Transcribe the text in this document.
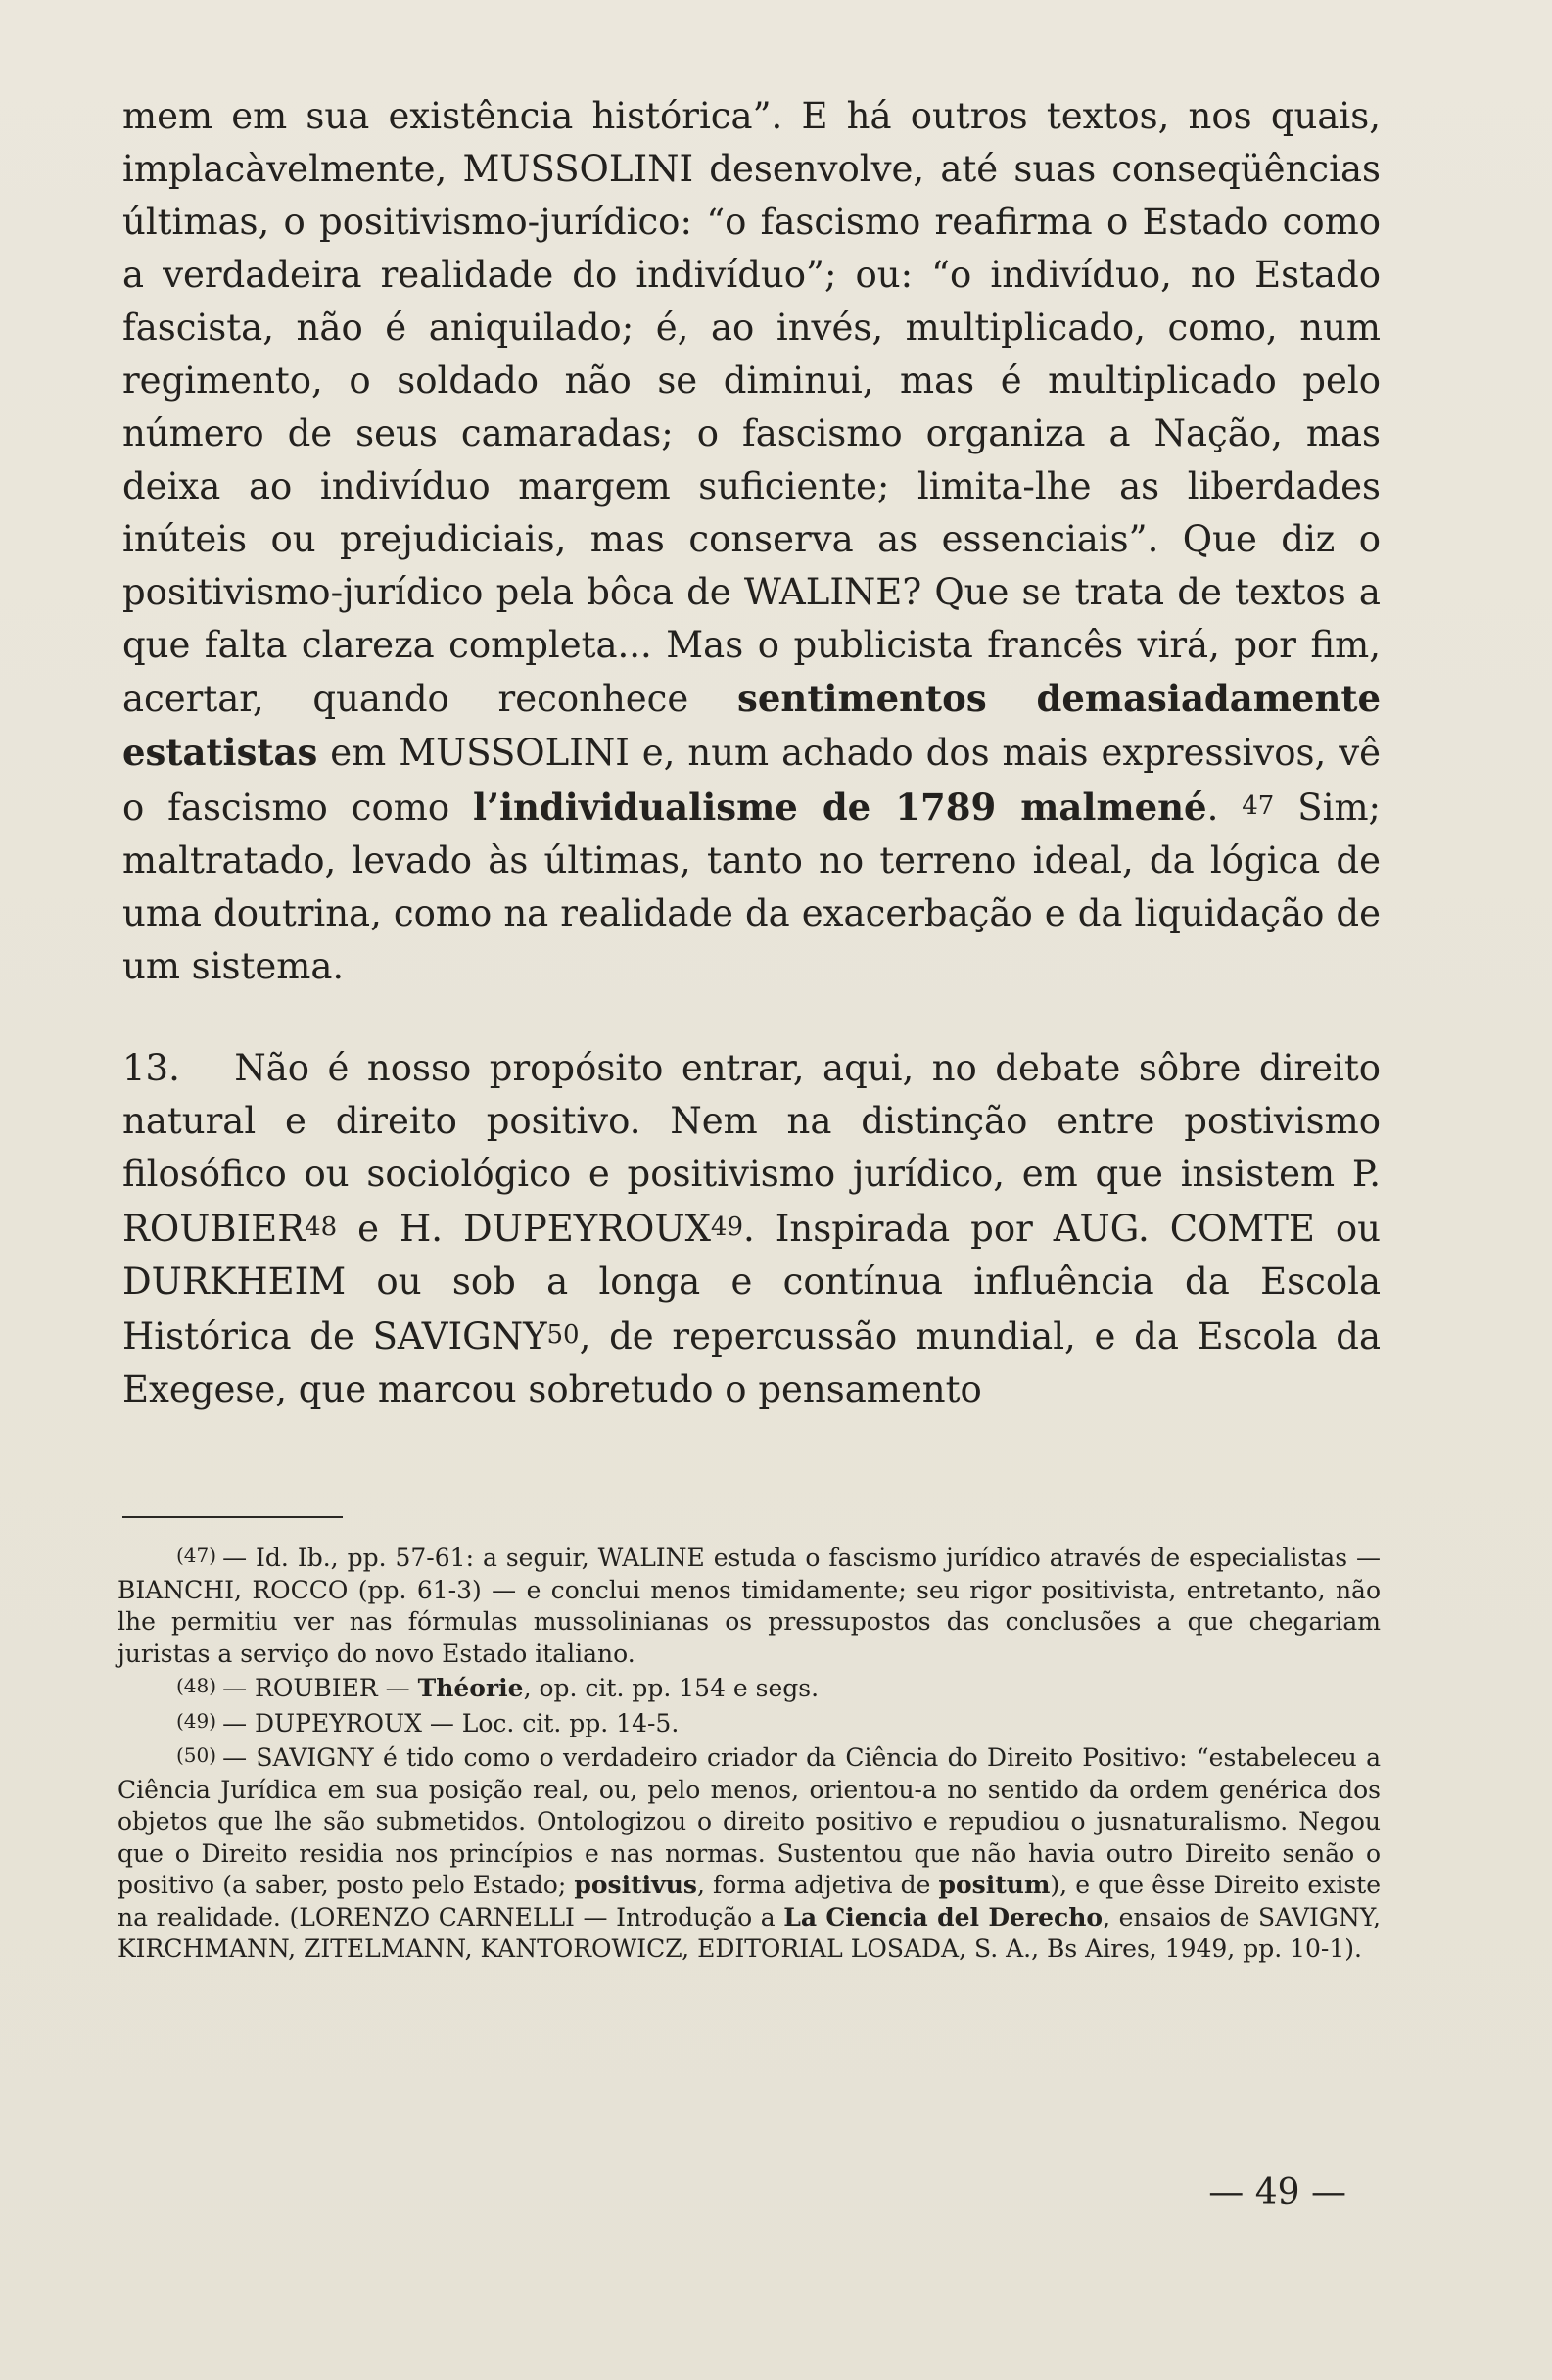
mem em sua existência histórica”. E há outros textos, nos quais, implacàvelmente, MUSSOLINI desenvolve, até suas conseqüências últimas, o positivismo-jurídico: “o fascismo reafirma o Estado como a verdadeira realidade do indivíduo”; ou: “o indivíduo, no Estado fascista, não é aniquilado; é, ao invés, multiplicado, como, num regimento, o soldado não se diminui, mas é multiplicado pelo número de seus camaradas; o fascismo organiza a Nação, mas deixa ao indivíduo margem suficiente; limita-lhe as liberdades inúteis ou prejudiciais, mas conserva as essenciais”. Que diz o positivismo-jurídico pela bôca de WALINE? Que se trata de textos a que falta clareza completa... Mas o publicista francês virá, por fim, acertar, quando reconhece sentimentos demasiadamente estatistas em MUSSOLINI e, num achado dos mais expressivos, vê o fascismo como l’individualisme de 1789 malmené. $^{47}$ Sim; maltratado, levado às últimas, tanto no terreno ideal, da lógica de uma doutrina, como na realidade da exacerbação e da liquidação de um sistema.

13. Não é nosso propósito entrar, aqui, no debate sôbre direito natural e direito positivo. Nem na distinção entre postivismo filosófico ou sociológico e positivismo jurídico, em que insistem P. ROUBIER$^{48}$ e H. DUPEYROUX$^{49}$. Inspirada por AUG. COMTE ou DURKHEIM ou sob a longa e contínua influência da Escola Histórica de SAVIGNY$^{50}$, de repercussão mundial, e da Escola da Exegese, que marcou sobretudo o pensamento

(47) — Id. Ib., pp. 57-61: a seguir, WALINE estuda o fascismo jurídico através de especialistas — BIANCHI, ROCCO (pp. 61-3) — e conclui menos timidamente; seu rigor positivista, entretanto, não lhe permitiu ver nas fórmulas mussolinianas os pressupostos das conclusões a que chegariam juristas a serviço do novo Estado italiano.

(48) — ROUBIER — Théorie, op. cit. pp. 154 e segs.

(49) — DUPEYROUX — Loc. cit. pp. 14-5.

(50) — SAVIGNY é tido como o verdadeiro criador da Ciência do Direito Positivo: “estabeleceu a Ciência Jurídica em sua posição real, ou, pelo menos, orientou-a no sentido da ordem genérica dos objetos que lhe são submetidos. Ontologizou o direito positivo e repudiou o jusnaturalismo. Negou que o Direito residia nos princípios e nas normas. Sustentou que não havia outro Direito senão o positivo (a saber, posto pelo Estado; positivus, forma adjetiva de positum), e que êsse Direito existe na realidade. (LORENZO CARNELLI — Introdução a La Ciencia del Derecho, ensaios de SAVIGNY, KIRCHMANN, ZITELMANN, KANTOROWICZ, EDITORIAL LOSADA, S. A., Bs Aires, 1949, pp. 10-1).

— 49 —
